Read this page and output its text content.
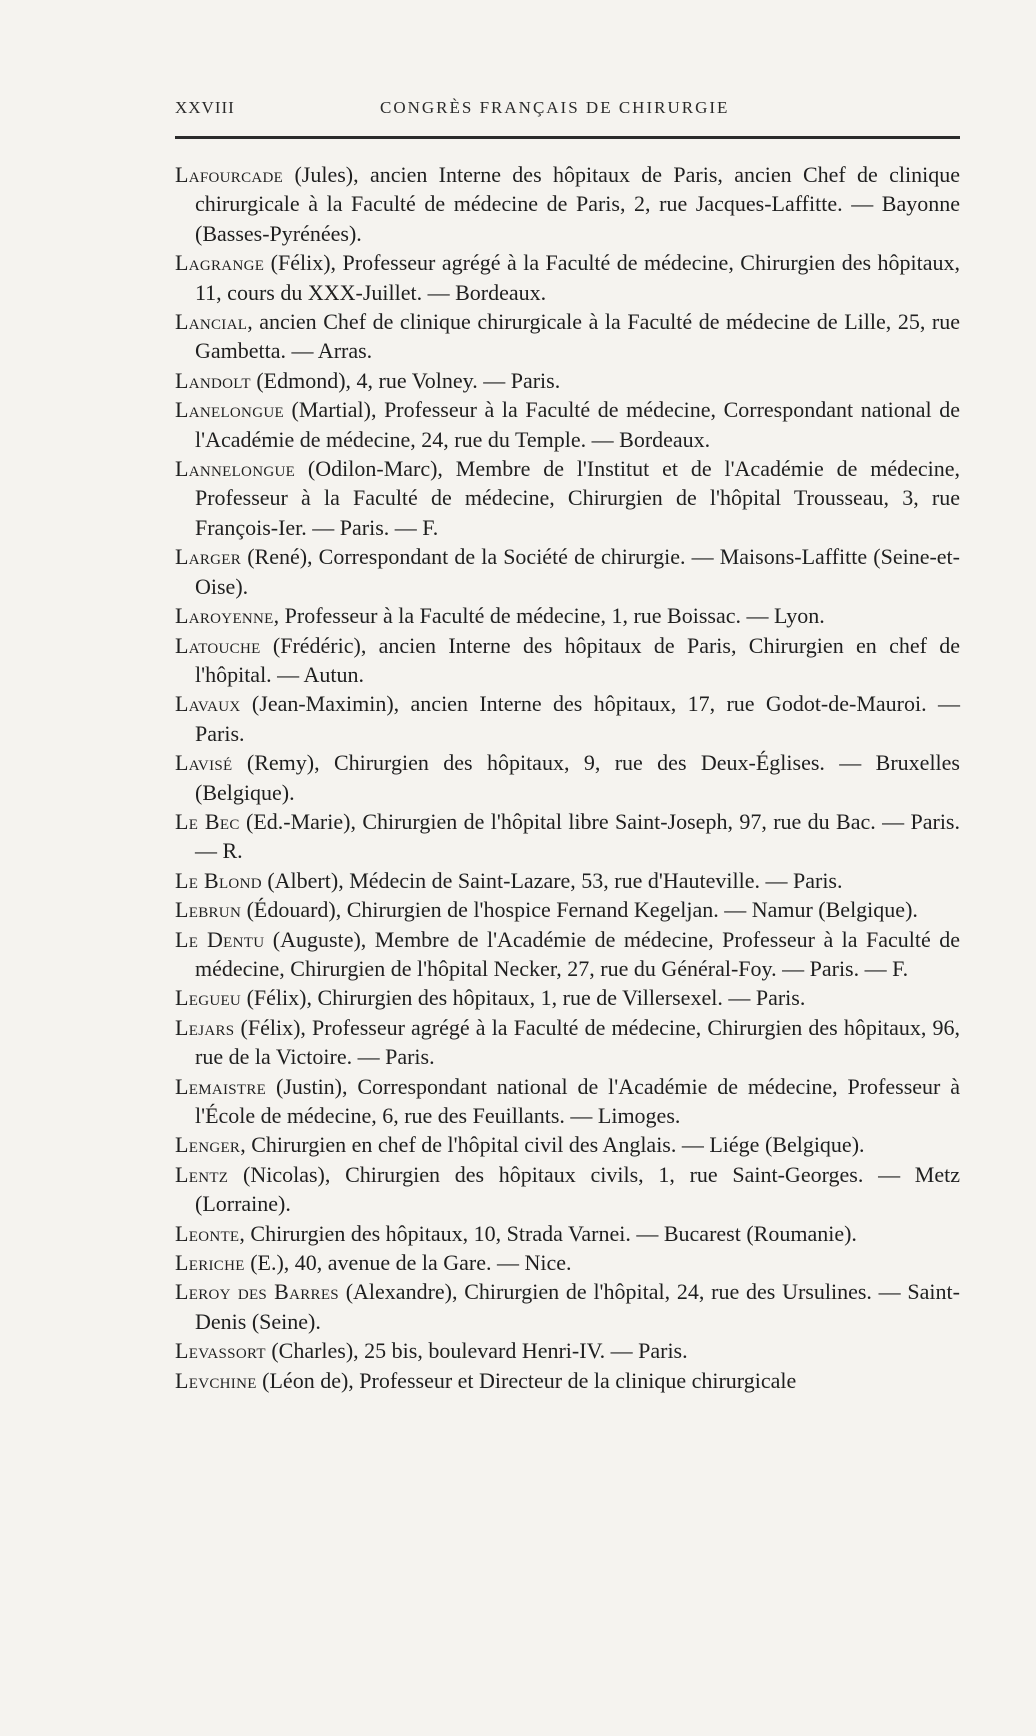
XXVIII	CONGRÈS FRANÇAIS DE CHIRURGIE

Lafourcade (Jules), ancien Interne des hôpitaux de Paris, ancien Chef de clinique chirurgicale à la Faculté de médecine de Paris, 2, rue Jacques-Laffitte. — Bayonne (Basses-Pyrénées).

Lagrange (Félix), Professeur agrégé à la Faculté de médecine, Chirurgien des hôpitaux, 11, cours du XXX-Juillet. — Bordeaux.

Lancial, ancien Chef de clinique chirurgicale à la Faculté de médecine de Lille, 25, rue Gambetta. — Arras.

Landolt (Edmond), 4, rue Volney. — Paris.

Lanelongue (Martial), Professeur à la Faculté de médecine, Correspondant national de l'Académie de médecine, 24, rue du Temple. — Bordeaux.

Lannelongue (Odilon-Marc), Membre de l'Institut et de l'Académie de médecine, Professeur à la Faculté de médecine, Chirurgien de l'hôpital Trousseau, 3, rue François-Ier. — Paris. — F.

Larger (René), Correspondant de la Société de chirurgie. — Maisons-Laffitte (Seine-et-Oise).

Laroyenne, Professeur à la Faculté de médecine, 1, rue Boissac. — Lyon.

Latouche (Frédéric), ancien Interne des hôpitaux de Paris, Chirurgien en chef de l'hôpital. — Autun.

Lavaux (Jean-Maximin), ancien Interne des hôpitaux, 17, rue Godot-de-Mauroi. — Paris.

Lavisé (Remy), Chirurgien des hôpitaux, 9, rue des Deux-Églises. — Bruxelles (Belgique).

Le Bec (Ed.-Marie), Chirurgien de l'hôpital libre Saint-Joseph, 97, rue du Bac. — Paris. — R.

Le Blond (Albert), Médecin de Saint-Lazare, 53, rue d'Hauteville. — Paris.

Lebrun (Édouard), Chirurgien de l'hospice Fernand Kegeljan. — Namur (Belgique).

Le Dentu (Auguste), Membre de l'Académie de médecine, Professeur à la Faculté de médecine, Chirurgien de l'hôpital Necker, 27, rue du Général-Foy. — Paris. — F.

Legueu (Félix), Chirurgien des hôpitaux, 1, rue de Villersexel. — Paris.

Lejars (Félix), Professeur agrégé à la Faculté de médecine, Chirurgien des hôpitaux, 96, rue de la Victoire. — Paris.

Lemaistre (Justin), Correspondant national de l'Académie de médecine, Professeur à l'École de médecine, 6, rue des Feuillants. — Limoges.

Lenger, Chirurgien en chef de l'hôpital civil des Anglais. — Liége (Belgique).

Lentz (Nicolas), Chirurgien des hôpitaux civils, 1, rue Saint-Georges. — Metz (Lorraine).

Leonte, Chirurgien des hôpitaux, 10, Strada Varnei. — Bucarest (Roumanie).

Leriche (E.), 40, avenue de la Gare. — Nice.

Leroy des Barres (Alexandre), Chirurgien de l'hôpital, 24, rue des Ursulines. — Saint-Denis (Seine).

Levassort (Charles), 25 bis, boulevard Henri-IV. — Paris.

Levchine (Léon de), Professeur et Directeur de la clinique chirurgicale
